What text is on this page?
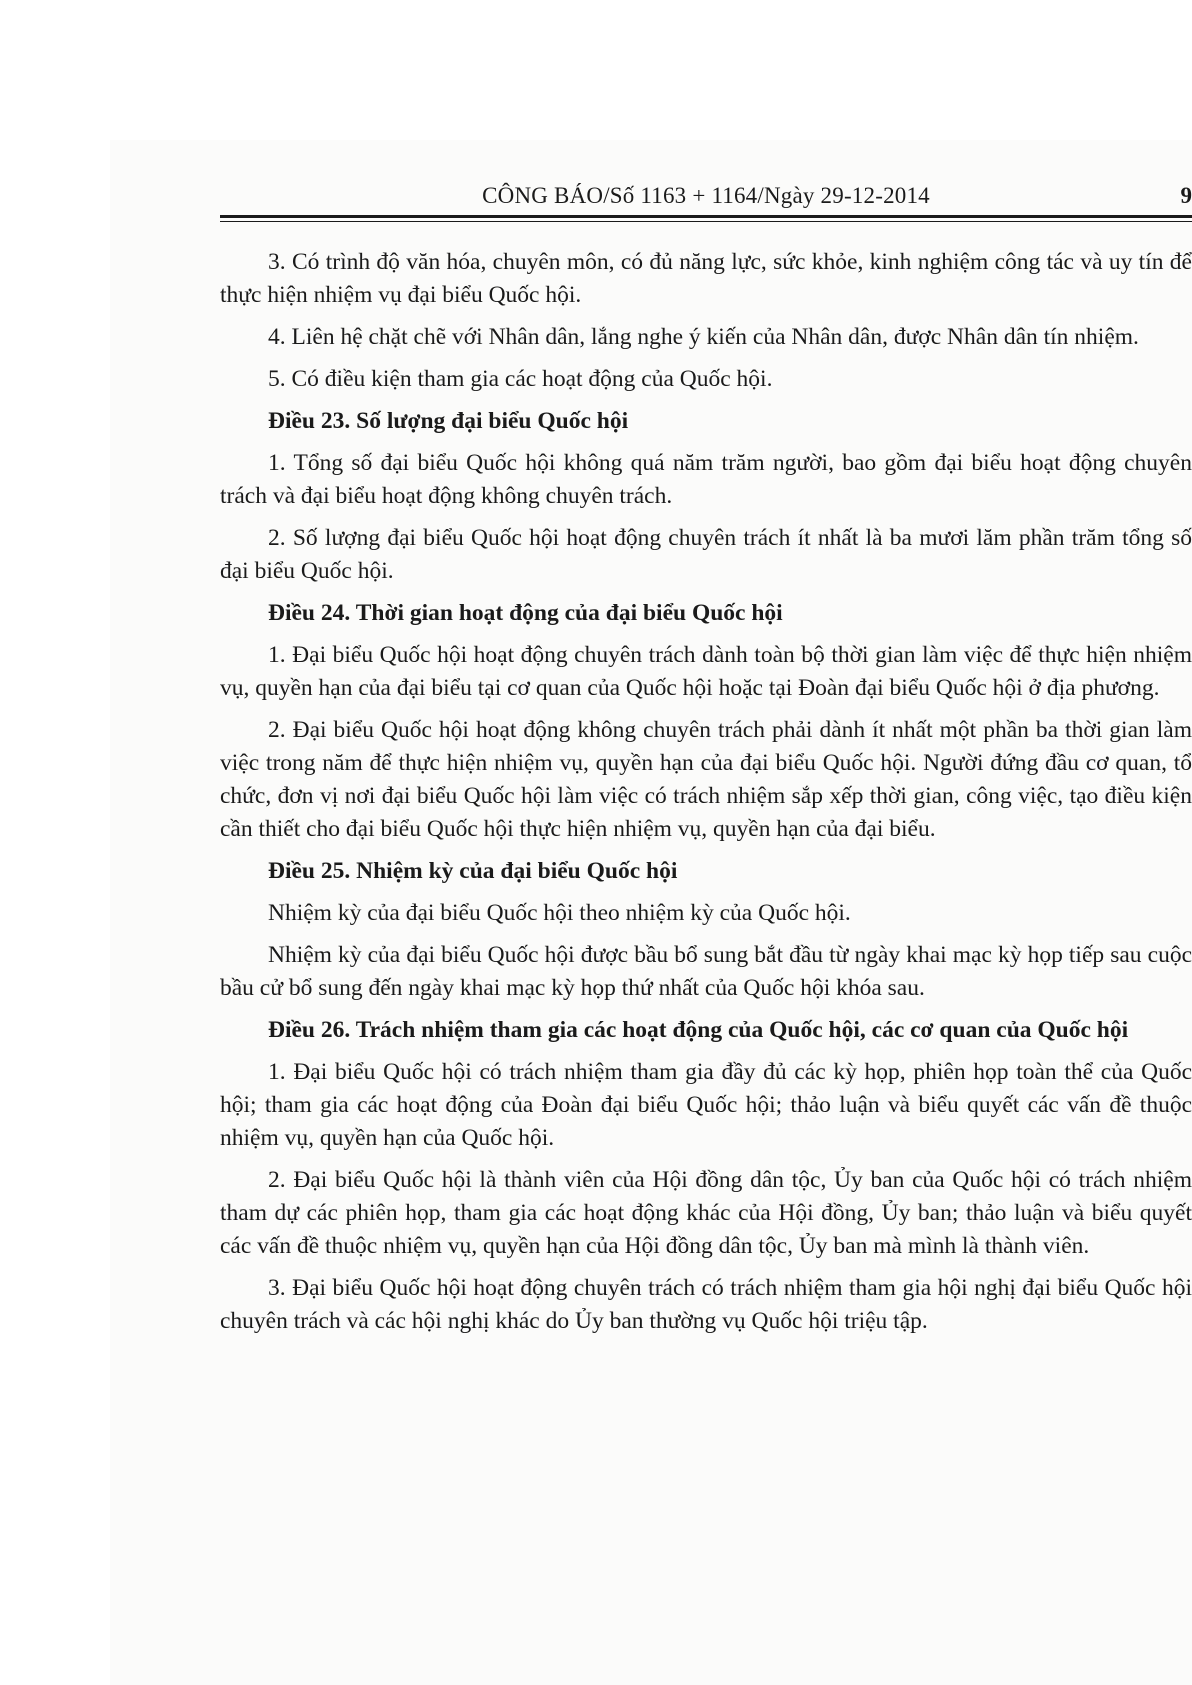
CÔNG BÁO/Số 1163 + 1164/Ngày 29-12-2014	9

3. Có trình độ văn hóa, chuyên môn, có đủ năng lực, sức khỏe, kinh nghiệm công tác và uy tín để thực hiện nhiệm vụ đại biểu Quốc hội.

4. Liên hệ chặt chẽ với Nhân dân, lắng nghe ý kiến của Nhân dân, được Nhân dân tín nhiệm.

5. Có điều kiện tham gia các hoạt động của Quốc hội.

Điều 23. Số lượng đại biểu Quốc hội

1. Tổng số đại biểu Quốc hội không quá năm trăm người, bao gồm đại biểu hoạt động chuyên trách và đại biểu hoạt động không chuyên trách.

2. Số lượng đại biểu Quốc hội hoạt động chuyên trách ít nhất là ba mươi lăm phần trăm tổng số đại biểu Quốc hội.

Điều 24. Thời gian hoạt động của đại biểu Quốc hội

1. Đại biểu Quốc hội hoạt động chuyên trách dành toàn bộ thời gian làm việc để thực hiện nhiệm vụ, quyền hạn của đại biểu tại cơ quan của Quốc hội hoặc tại Đoàn đại biểu Quốc hội ở địa phương.

2. Đại biểu Quốc hội hoạt động không chuyên trách phải dành ít nhất một phần ba thời gian làm việc trong năm để thực hiện nhiệm vụ, quyền hạn của đại biểu Quốc hội. Người đứng đầu cơ quan, tổ chức, đơn vị nơi đại biểu Quốc hội làm việc có trách nhiệm sắp xếp thời gian, công việc, tạo điều kiện cần thiết cho đại biểu Quốc hội thực hiện nhiệm vụ, quyền hạn của đại biểu.

Điều 25. Nhiệm kỳ của đại biểu Quốc hội

Nhiệm kỳ của đại biểu Quốc hội theo nhiệm kỳ của Quốc hội.

Nhiệm kỳ của đại biểu Quốc hội được bầu bổ sung bắt đầu từ ngày khai mạc kỳ họp tiếp sau cuộc bầu cử bổ sung đến ngày khai mạc kỳ họp thứ nhất của Quốc hội khóa sau.

Điều 26. Trách nhiệm tham gia các hoạt động của Quốc hội, các cơ quan của Quốc hội

1. Đại biểu Quốc hội có trách nhiệm tham gia đầy đủ các kỳ họp, phiên họp toàn thể của Quốc hội; tham gia các hoạt động của Đoàn đại biểu Quốc hội; thảo luận và biểu quyết các vấn đề thuộc nhiệm vụ, quyền hạn của Quốc hội.

2. Đại biểu Quốc hội là thành viên của Hội đồng dân tộc, Ủy ban của Quốc hội có trách nhiệm tham dự các phiên họp, tham gia các hoạt động khác của Hội đồng, Ủy ban; thảo luận và biểu quyết các vấn đề thuộc nhiệm vụ, quyền hạn của Hội đồng dân tộc, Ủy ban mà mình là thành viên.

3. Đại biểu Quốc hội hoạt động chuyên trách có trách nhiệm tham gia hội nghị đại biểu Quốc hội chuyên trách và các hội nghị khác do Ủy ban thường vụ Quốc hội triệu tập.
